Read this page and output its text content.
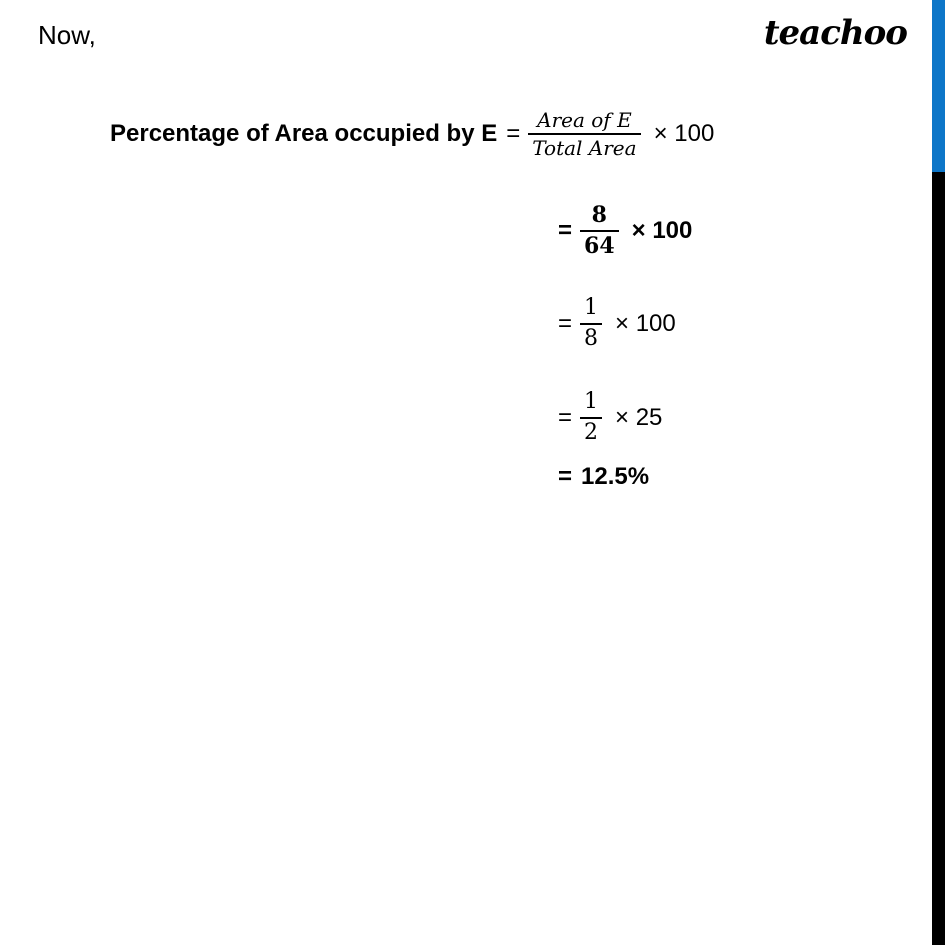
Now,	teachoo
Percentage of Area occupied by $E = \frac{\text{Area of E}}{\text{Total Area}} \times 100$
= $\frac{8}{64} \times 100$
= $\frac{1}{8} \times 100$
= $\frac{1}{2} \times 25$
= 12.5%
